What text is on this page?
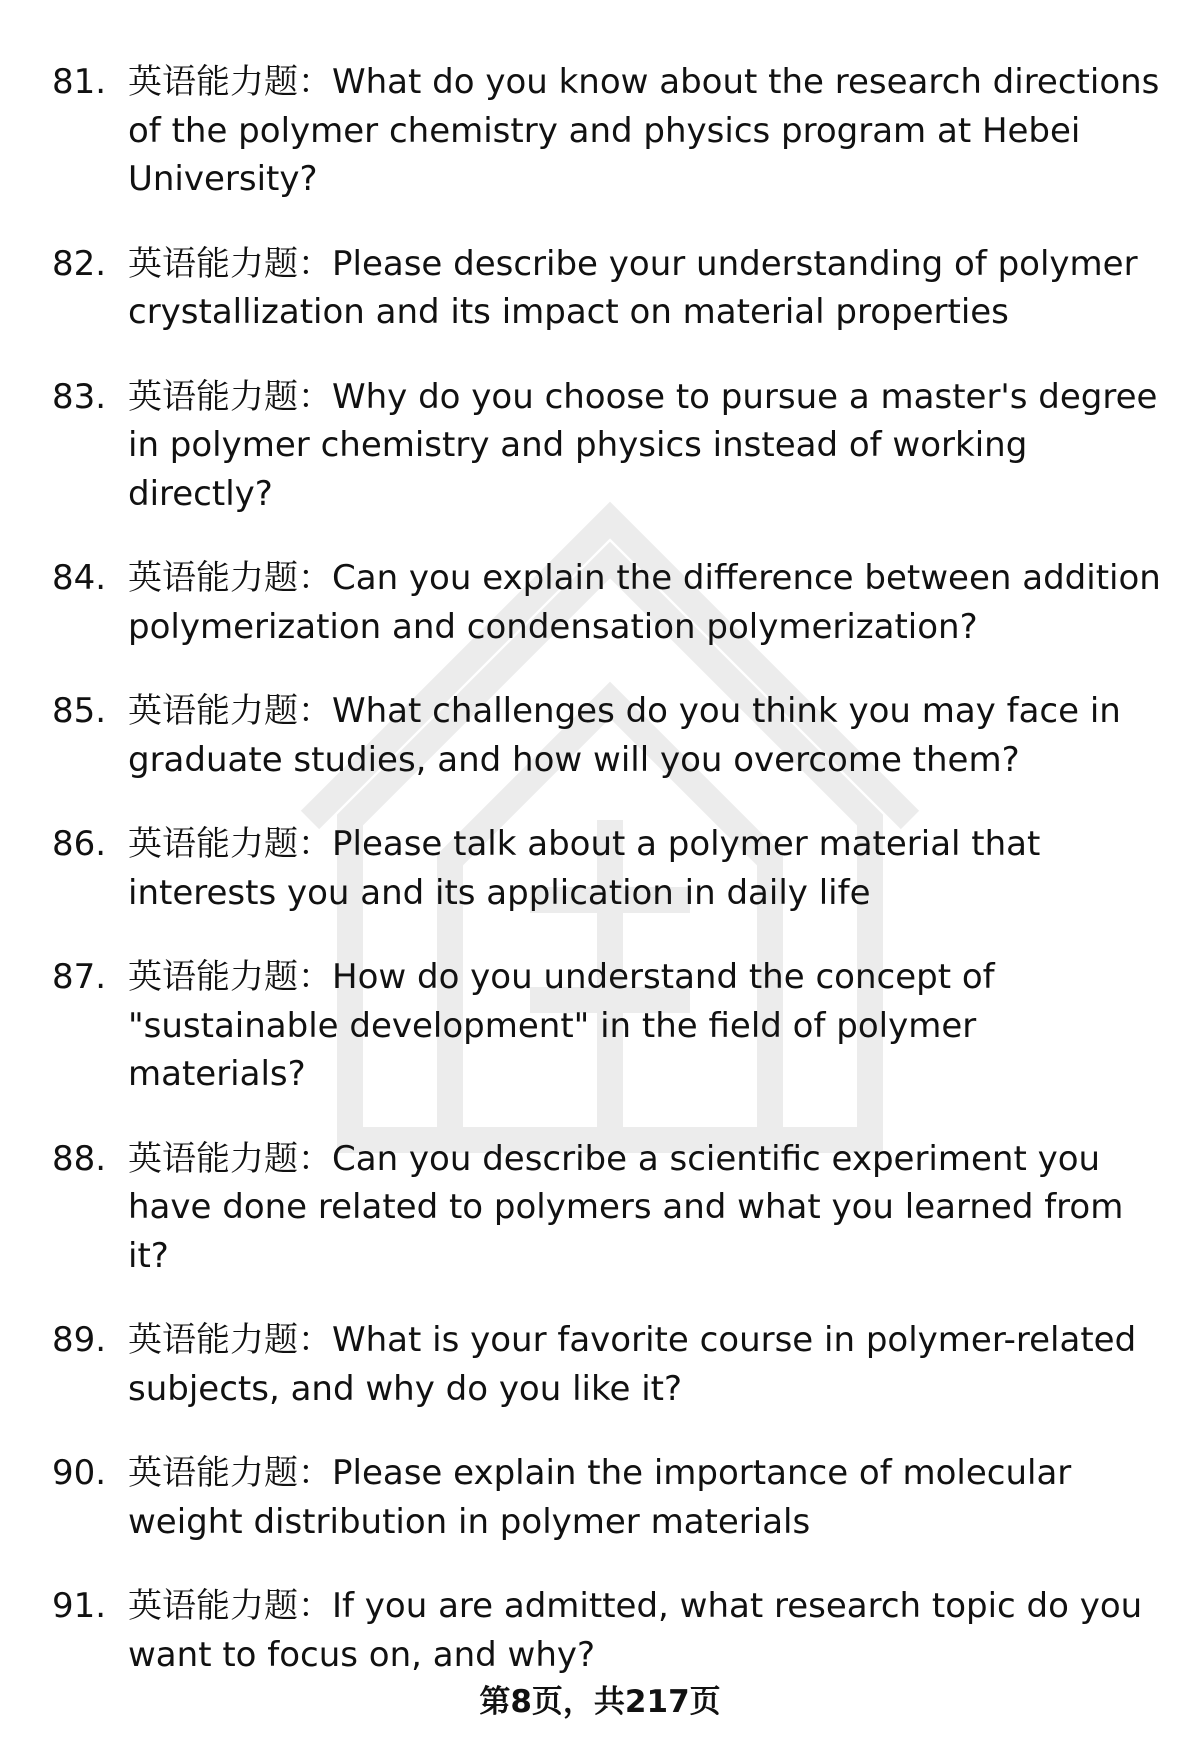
81. 英语能力题：What do you know about the research directions of the polymer chemistry and physics program at Hebei University?
82. 英语能力题：Please describe your understanding of polymer crystallization and its impact on material properties
83. 英语能力题：Why do you choose to pursue a master's degree in polymer chemistry and physics instead of working directly?
84. 英语能力题：Can you explain the difference between addition polymerization and condensation polymerization?
85. 英语能力题：What challenges do you think you may face in graduate studies, and how will you overcome them?
86. 英语能力题：Please talk about a polymer material that interests you and its application in daily life
87. 英语能力题：How do you understand the concept of "sustainable development" in the field of polymer materials?
88. 英语能力题：Can you describe a scientific experiment you have done related to polymers and what you learned from it?
89. 英语能力题：What is your favorite course in polymer-related subjects, and why do you like it?
90. 英语能力题：Please explain the importance of molecular weight distribution in polymer materials
91. 英语能力题：If you are admitted, what research topic do you want to focus on, and why?
第8页，共217页
